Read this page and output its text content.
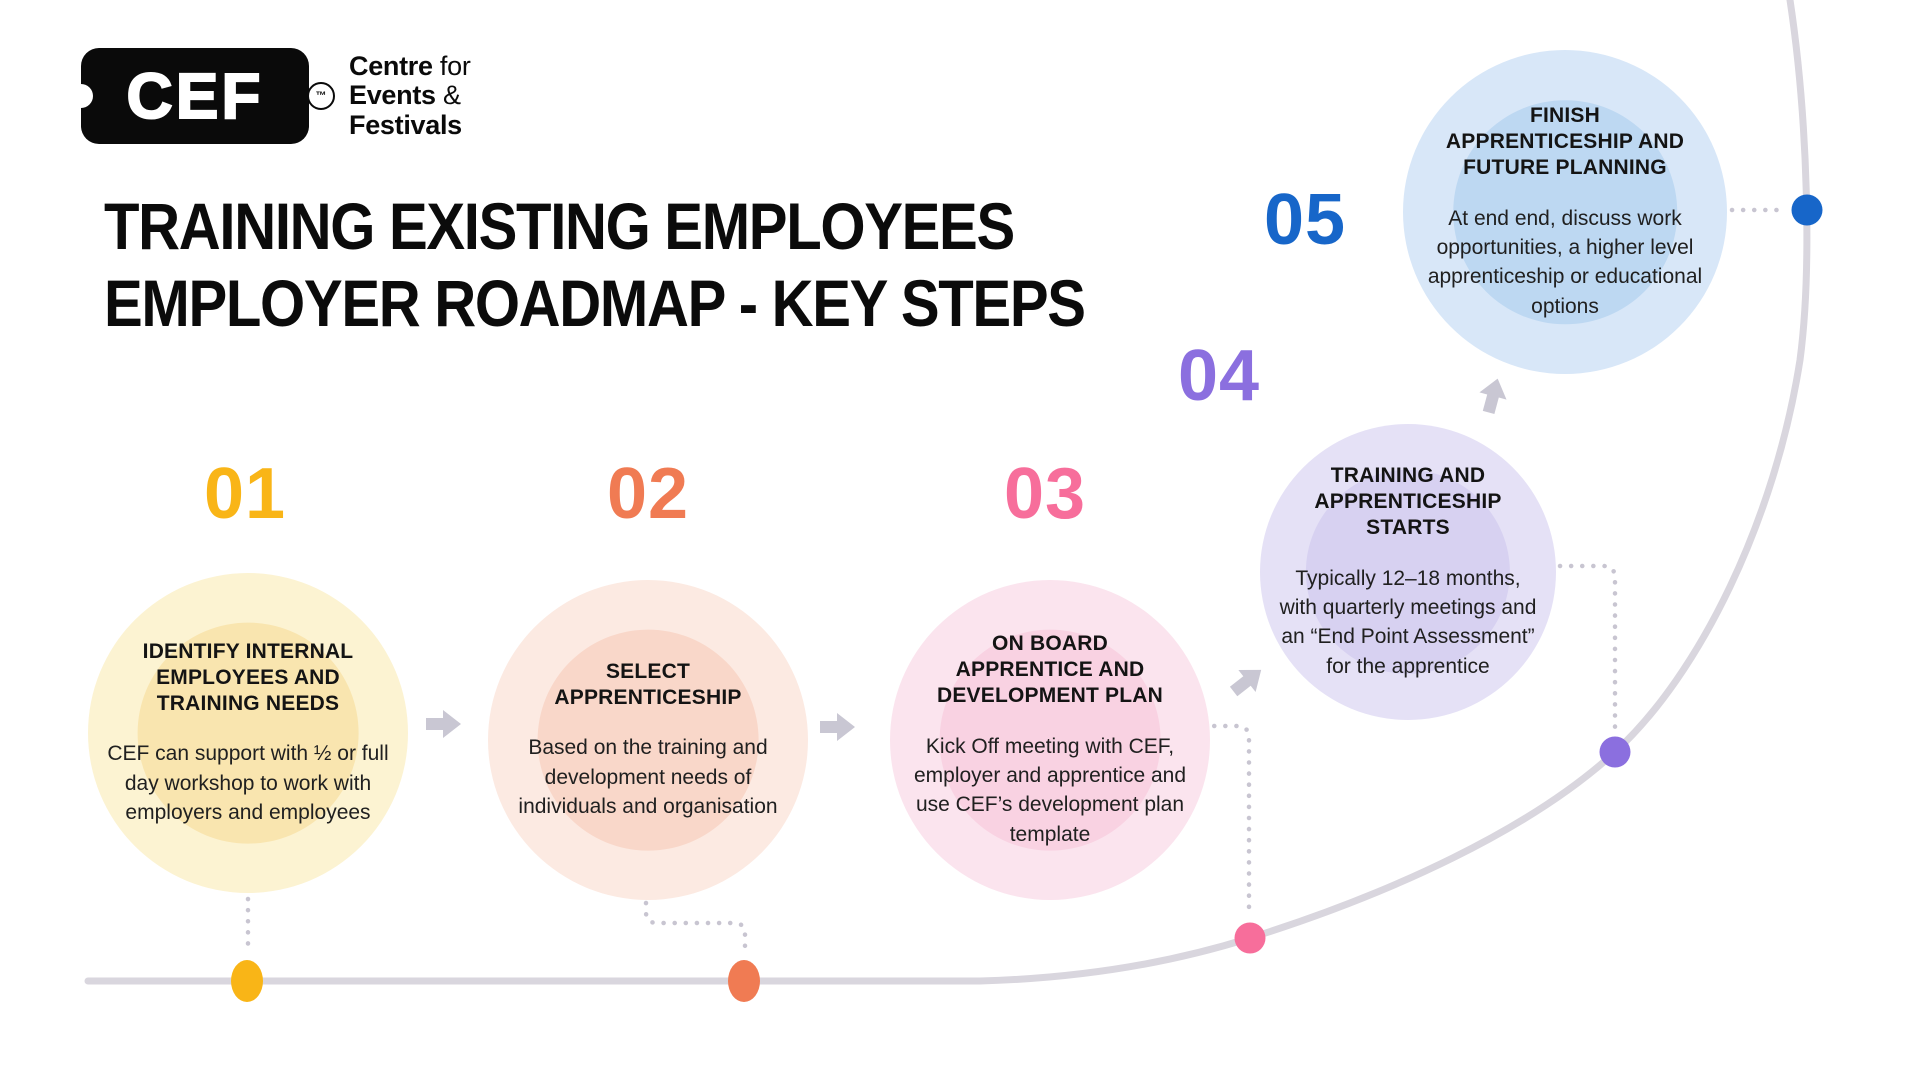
CEF	™
Centre for
Events &
Festivals
TRAINING EXISTING EMPLOYEES
EMPLOYER ROADMAP - KEY STEPS
01	02	03
04
05
IDENTIFY INTERNAL EMPLOYEES AND TRAINING NEEDS

CEF can support with ½ or full day workshop to work with employers and employees

SELECT APPRENTICESHIP

Based on the training and development needs of individuals and organisation

ON BOARD APPRENTICE AND DEVELOPMENT PLAN

Kick Off meeting with CEF, employer and apprentice and use CEF’s development plan template

TRAINING AND APPRENTICESHIP STARTS

Typically 12–18 months, with quarterly meetings and an “End Point Assessment” for the apprentice

FINISH APPRENTICESHIP AND FUTURE PLANNING

At end end, discuss work opportunities, a higher level apprenticeship or educational options
